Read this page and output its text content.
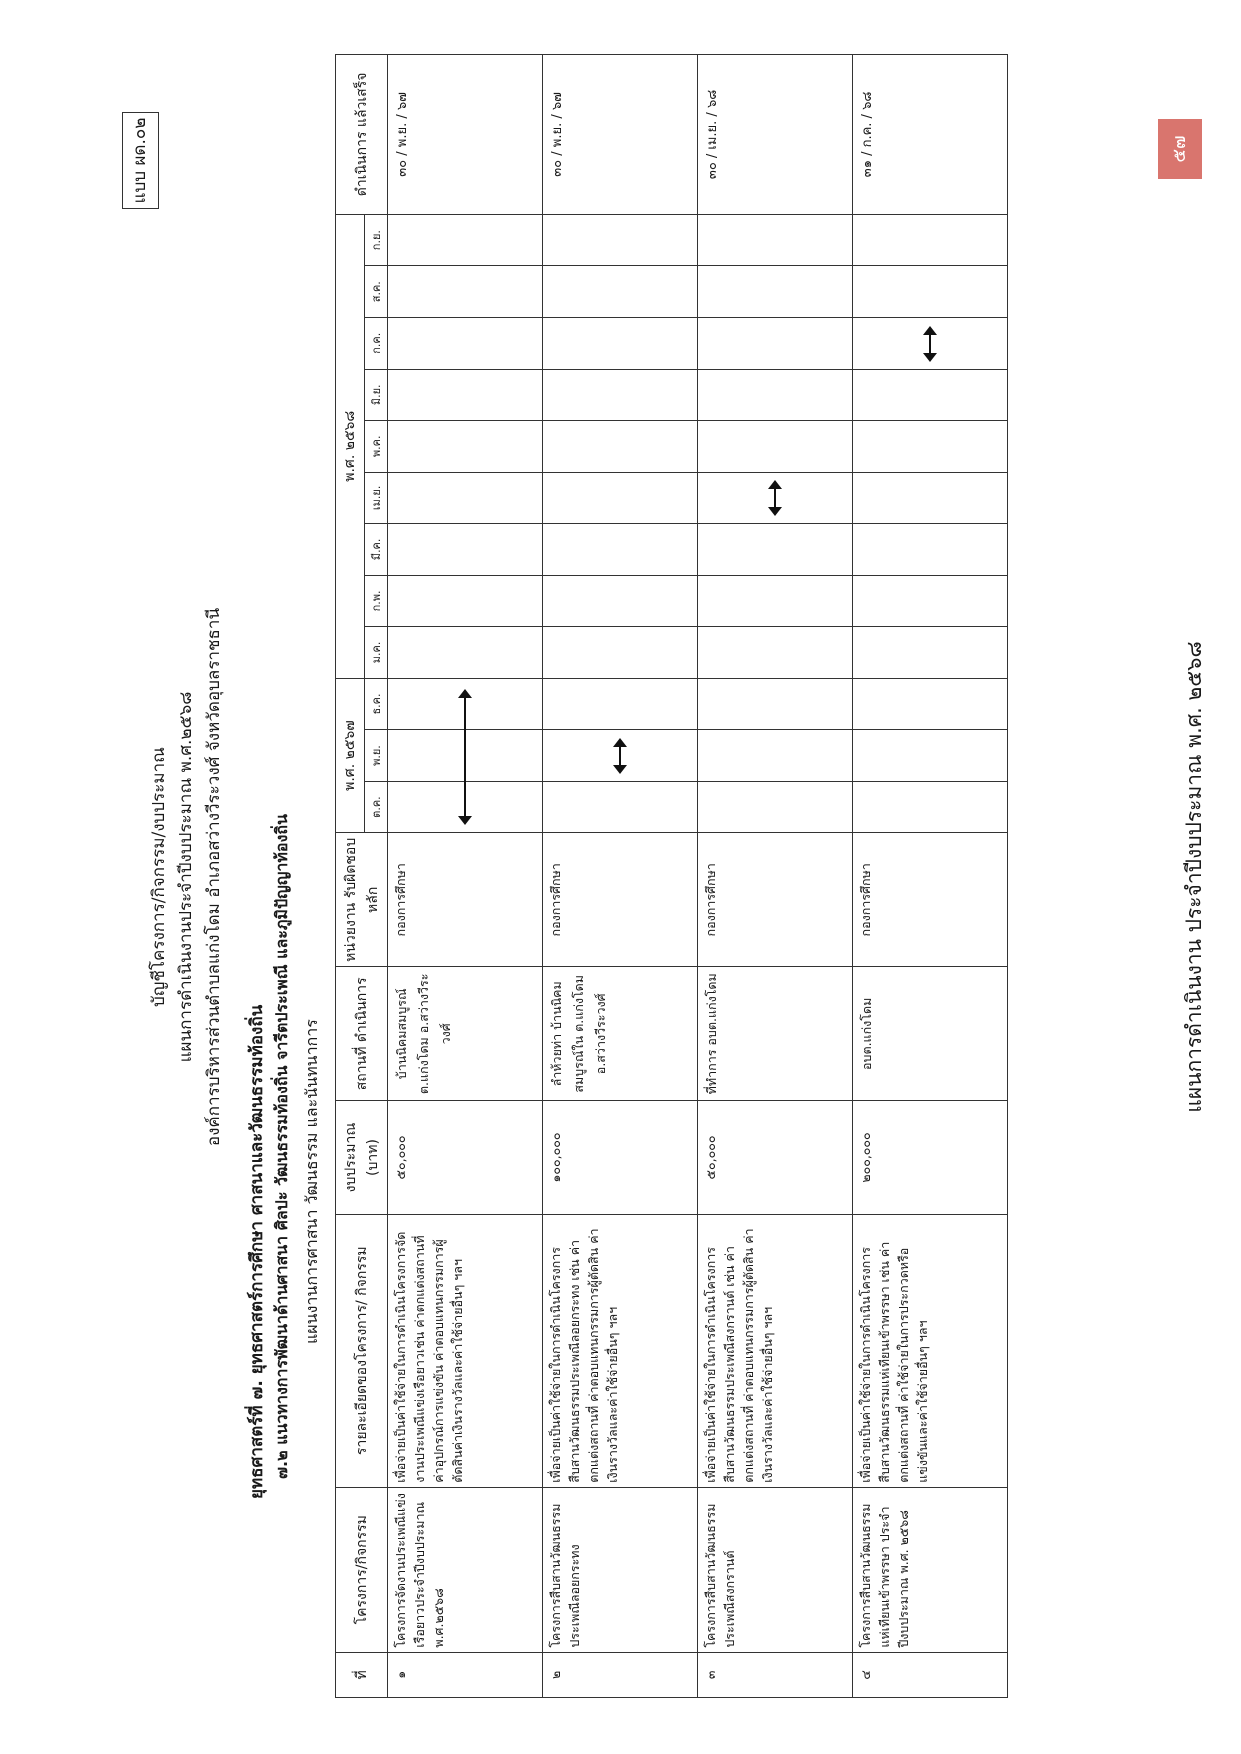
แบบ ผด.๐๒
บัญชีโครงการ/กิจกรรม/งบประมาณ แผนการดำเนินงานประจำปีงบประมาณ พ.ศ.๒๕๖๘ องค์การบริหารส่วนตำบลแก่งโดม อำเภอสว่างวีระวงศ์ จังหวัดอุบลราชธานี
ยุทธศาสตร์ที่ ๗. ยุทธศาสตร์การศึกษา ศาสนาและวัฒนธรรมท้องถิ่น ๗.๒ แนวทางการพัฒนาด้านศาสนา ศิลปะ วัฒนธรรมท้องถิ่น จารีตประเพณี และภูมิปัญญาท้องถิ่น แผนงานการศาสนา วัฒนธรรม และนันทนาการ
ที่	โครงการ/กิจกรรม	รายละเอียดของโครงการ/ กิจกรรม	งบประมาณ (บาท)	สถานที่ ดำเนินการ	หน่วยงาน รับผิดชอบหลัก	พ.ศ. ๒๕๖๗			พ.ศ. ๒๕๖๘									ดำเนินการ แล้วเสร็จ
						ต.ค.	พ.ย.	ธ.ค.	ม.ค.	ก.พ.	มี.ค.	เม.ย.	พ.ค.	มิ.ย.	ก.ค.	ส.ค.	ก.ย.	
๑	โครงการจัดงานประเพณีแข่งเรือยาวประจำปีงบประมาณ พ.ศ.๒๕๖๘	เพื่อจ่ายเป็นค่าใช้จ่ายในการดำเนินโครงการจัดงานประเพณีแข่งเรือยาวเช่น ค่าตกแต่งสถานที่ ค่าอุปกรณ์การแข่งขัน ค่าตอบแทนกรรมการผู้ตัดสินค่าเงินรางวัลและค่าใช้จ่ายอื่นๆ ฯลฯ	๕๐,๐๐๐	บ้านนิคมสมบูรณ์ ต.แก่งโดม อ.สว่างวีระวงศ์	กองการศึกษา													๓๐ / พ.ย. / ๖๗
๒	โครงการสืบสานวัฒนธรรมประเพณีลอยกระทง	เพื่อจ่ายเป็นค่าใช้จ่ายในการดำเนินโครงการสืบสานวัฒนธรรมประเพณีลอยกระทง เช่น ค่าตกแต่งสถานที่ ค่าตอบแทนกรรมการผู้ตัดสิน ค่าเงินรางวัลและค่าใช้จ่ายอื่นๆ ฯลฯ	๑๐๐,๐๐๐	ลำห้วยท่า บ้านนิคมสมบูรณ์ใน ต.แก่งโดม อ.สว่างวีระวงศ์	กองการศึกษา													๓๐ / พ.ย. / ๖๗
๓	โครงการสืบสานวัฒนธรรมประเพณีสงกรานต์	เพื่อจ่ายเป็นค่าใช้จ่ายในการดำเนินโครงการสืบสานวัฒนธรรมประเพณีสงกรานต์ เช่น ค่าตกแต่งสถานที่ ค่าตอบแทนกรรมการผู้ตัดสิน ค่าเงินรางวัลและค่าใช้จ่ายอื่นๆ ฯลฯ	๕๐,๐๐๐	ที่ทำการ อบต.แก่งโดม	กองการศึกษา													๓๐ / เม.ย. / ๖๘
๔	โครงการสืบสานวัฒนธรรมแห่เทียนเข้าพรรษา ประจำปีงบประมาณ พ.ศ. ๒๕๖๘	เพื่อจ่ายเป็นค่าใช้จ่ายในการดำเนินโครงการสืบสานวัฒนธรรมแห่เทียนเข้าพรรษา เช่น ค่าตกแต่งสถานที่ ค่าใช้จ่ายในการประกวดหรือแข่งขันและค่าใช้จ่ายอื่นๆ ฯลฯ	๒๐๐,๐๐๐	อบต.แก่งโดม	กองการศึกษา													๓๑ / ก.ค. / ๖๘
แผนการดำเนินงาน ประจำปีงบประมาณ พ.ศ. ๒๕๖๘
๕๗
